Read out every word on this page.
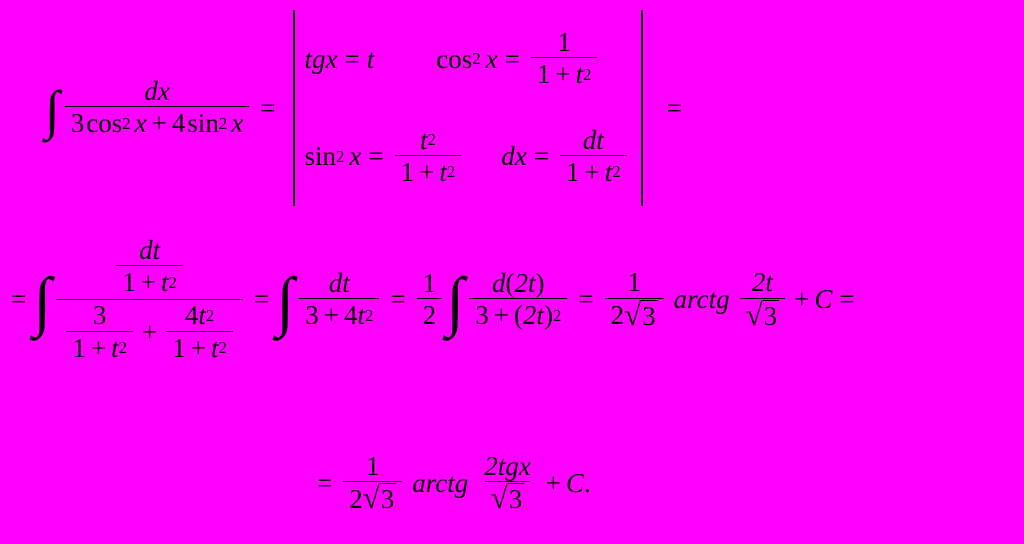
∫	dx
3 cos 2 x + 4 sin 2 x
=
tgx = t cos 2 $x = \frac{1}{1 + t 2}$
sin 2 $x = \frac{t 2}{1 + t 2}$ dx = $\frac{dt}{1 + t 2}$
=
= ∫ $\frac{dt}{1 + t 2}$
$\frac{3}{1 + t 2} + \frac{4 t 2}{1 + t 2}$
= ∫ $\frac{dt}{3 + 4 t 2} = \frac{1}{2}$ ∫ $\frac{d ( 2t )}{3 + ( 2t ) 2} = \frac{1}{2 √ 3}$ arctg $\frac{2t}{√ 3} + C$ =
= $\frac{1}{2 √ 3}$ arctg $\frac{\text{2tgx}}{√ 3} + C$ .
